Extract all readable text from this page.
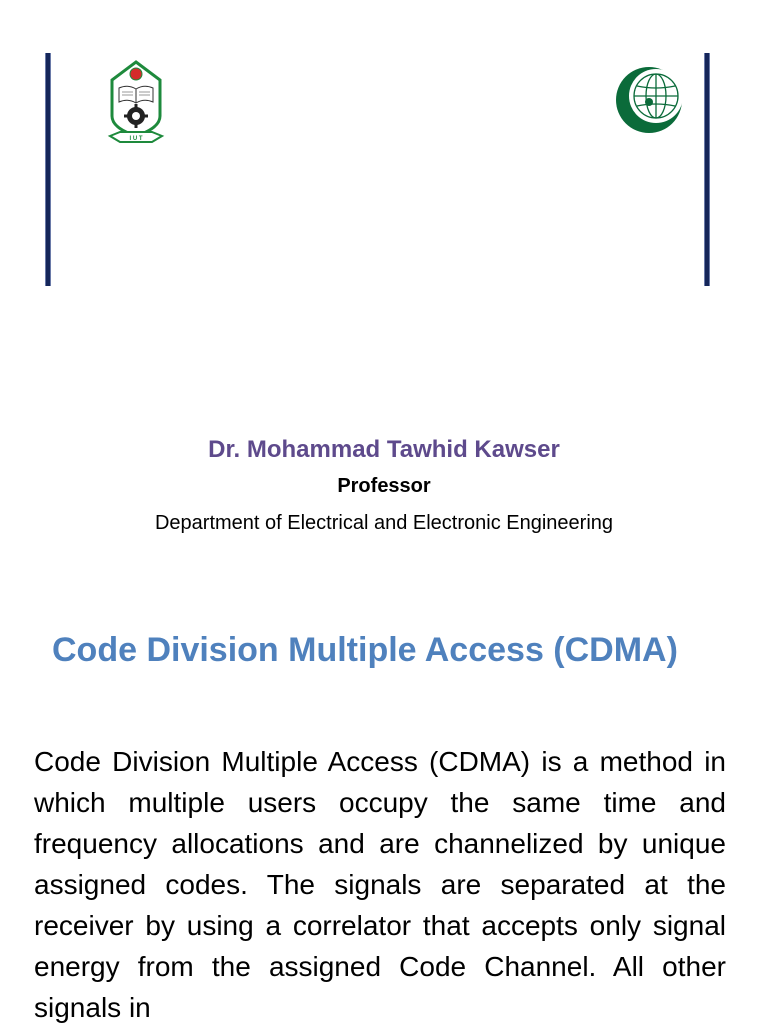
I U T

Dr. Mohammad Tawhid Kawser

Professor

Department of Electrical and Electronic Engineering

Code Division Multiple Access (CDMA)

Code Division Multiple Access (CDMA) is a method in which multiple users occupy the same time and frequency allocations and are channelized by unique assigned codes. The signals are separated at the receiver by using a correlator that accepts only signal energy from the assigned Code Channel. All other signals in
